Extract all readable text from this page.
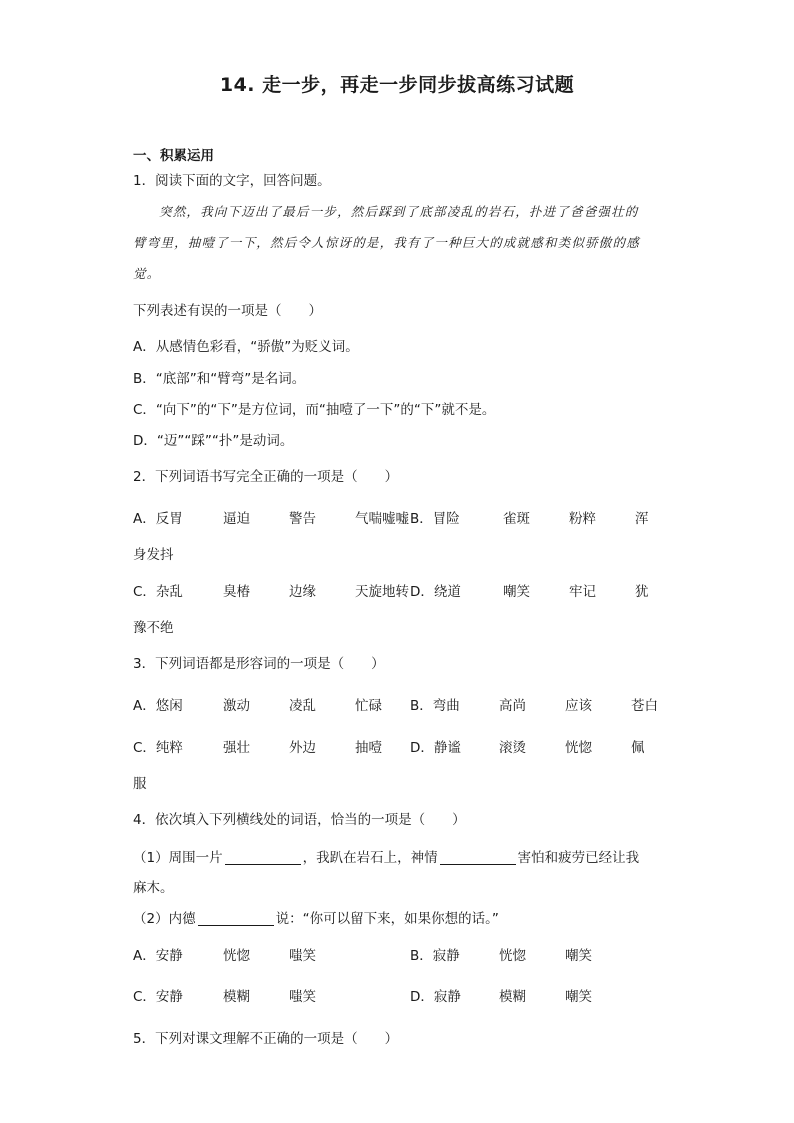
14. 走一步，再走一步同步拔高练习试题
一、积累运用
1．阅读下面的文字，回答问题。
突然，我向下迈出了最后一步，然后踩到了底部凌乱的岩石，扑进了爸爸强壮的
臂弯里，抽噎了一下，然后令人惊讶的是，我有了一种巨大的成就感和类似骄傲的感
觉。
下列表述有误的一项是（　　）
A．从感情色彩看，“骄傲”为贬义词。
B．“底部”和“臂弯”是名词。
C．“向下”的“下”是方位词，而“抽噎了一下”的“下”就不是。
D．“迈”“踩”“扑”是动词。
2．下列词语书写完全正确的一项是（　　）
A．反胃	逼迫	警告	气喘嘘嘘 B．冒险	雀斑	粉粹	浑
身发抖
C．杂乱	臭椿	边缘	天旋地转 D．绕道	嘲笑	牢记	犹
豫不绝
3．下列词语都是形容词的一项是（　　）
A．悠闲	激动	凌乱	忙碌 B．弯曲	高尚	应该	苍白
C．纯粹	强壮	外边	抽噎 D．静谧	滚烫	恍惚	佩
服
4．依次填入下列横线处的词语，恰当的一项是（　　）
（1）周围一片	，我趴在岩石上，神情	害怕和疲劳已经让我
麻木。
（2）内德	说：“你可以留下来，如果你想的话。”
A．安静	恍惚	嗤笑	B．寂静	恍惚	嘲笑
C．安静	模糊	嗤笑	D．寂静	模糊	嘲笑
5．下列对课文理解不正确的一项是（　　）
